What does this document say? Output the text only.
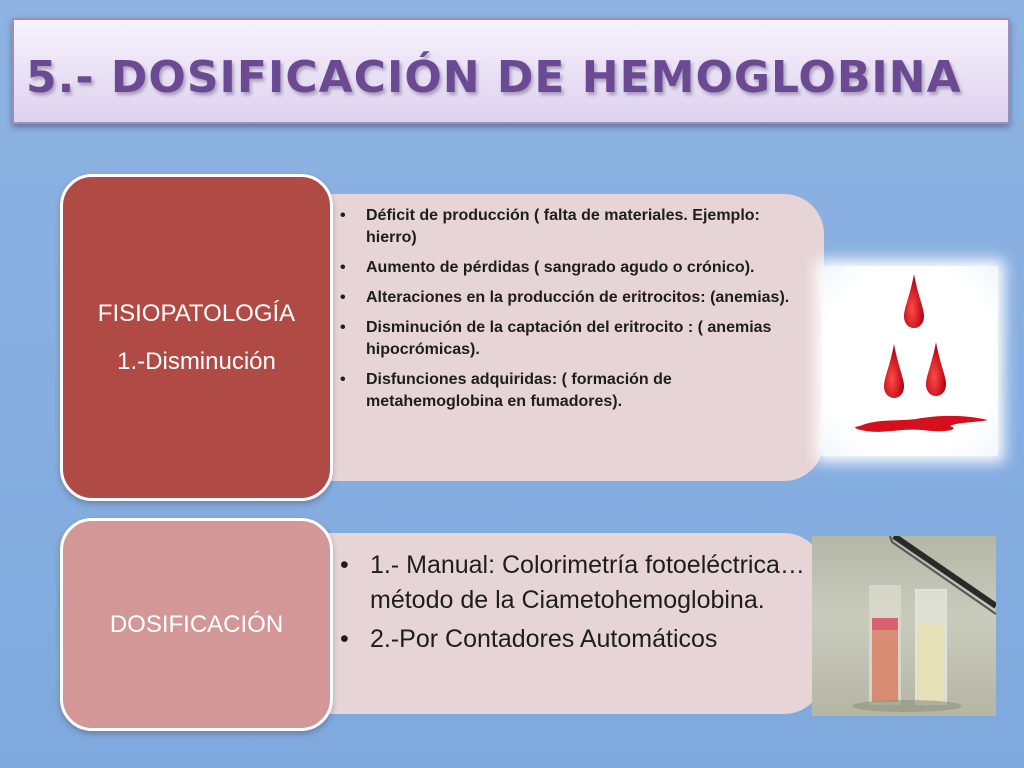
5.- DOSIFICACIÓN DE HEMOGLOBINA
FISIOPATOLOGÍA
1.-Disminución
• Déficit de producción ( falta de materiales. Ejemplo: hierro)
• Aumento de pérdidas ( sangrado agudo o crónico).
• Alteraciones en la producción de eritrocitos: (anemias).
• Disminución de la captación del eritrocito : ( anemias hipocrómicas).
• Disfunciones adquiridas: ( formación de metahemoglobina en fumadores).
DOSIFICACIÓN
• 1.- Manual: Colorimetría fotoeléctrica…método de la Ciametohemoglobina.
• 2.-Por Contadores Automáticos
